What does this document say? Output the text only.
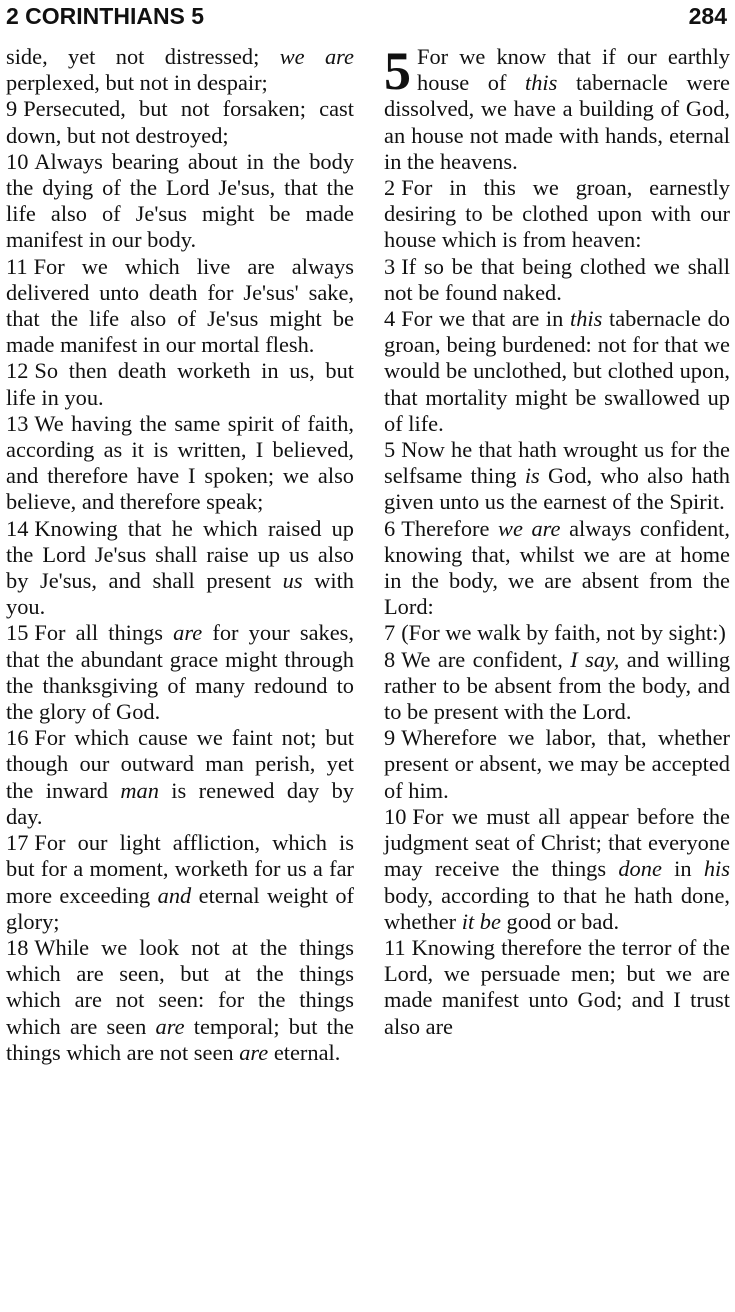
2 CORINTHIANS 5	284

side, yet not distressed; we are perplexed, but not in despair;

9 Persecuted, but not forsaken; cast down, but not destroyed;

10 Always bearing about in the body the dying of the Lord Je'sus, that the life also of Je'sus might be made manifest in our body.

11 For we which live are always delivered unto death for Je'sus' sake, that the life also of Je'sus might be made manifest in our mortal flesh.

12 So then death worketh in us, but life in you.

13 We having the same spirit of faith, according as it is written, I believed, and therefore have I spoken; we also believe, and therefore speak;

14 Knowing that he which raised up the Lord Je'sus shall raise up us also by Je'sus, and shall present us with you.

15 For all things are for your sakes, that the abundant grace might through the thanksgiving of many redound to the glory of God.

16 For which cause we faint not; but though our outward man perish, yet the inward man is renewed day by day.

17 For our light affliction, which is but for a moment, worketh for us a far more exceeding and eternal weight of glory;

18 While we look not at the things which are seen, but at the things which are not seen: for the things which are seen are temporal; but the things which are not seen are eternal.

5 For we know that if our earthly house of this tabernacle were dissolved, we have a building of God, an house not made with hands, eternal in the heavens.

2 For in this we groan, earnestly desiring to be clothed upon with our house which is from heaven:

3 If so be that being clothed we shall not be found naked.

4 For we that are in this tabernacle do groan, being burdened: not for that we would be unclothed, but clothed upon, that mortality might be swallowed up of life.

5 Now he that hath wrought us for the selfsame thing is God, who also hath given unto us the earnest of the Spirit.

6 Therefore we are always confident, knowing that, whilst we are at home in the body, we are absent from the Lord:

7 (For we walk by faith, not by sight:)

8 We are confident, I say, and willing rather to be absent from the body, and to be present with the Lord.

9 Wherefore we labor, that, whether present or absent, we may be accepted of him.

10 For we must all appear before the judgment seat of Christ; that everyone may receive the things done in his body, according to that he hath done, whether it be good or bad.

11 Knowing therefore the terror of the Lord, we persuade men; but we are made manifest unto God; and I trust also are
